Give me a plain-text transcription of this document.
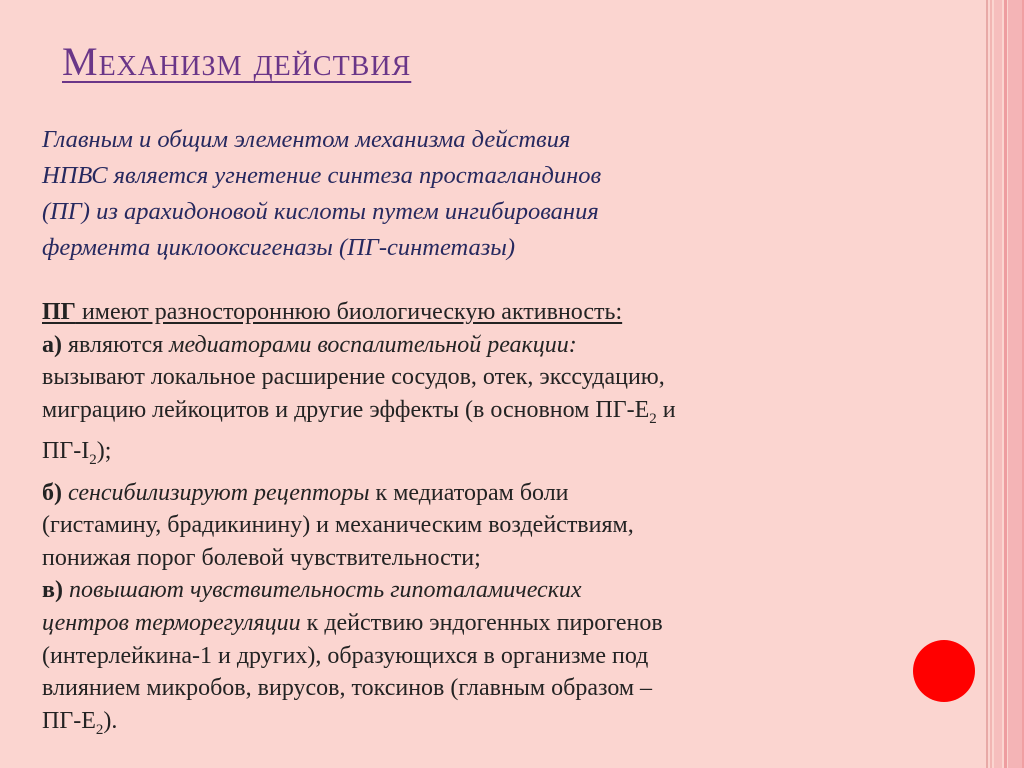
Механизм действия
Главным и общим элементом механизма действия
НПВС является угнетение синтеза простагландинов
(ПГ) из арахидоновой кислоты путем ингибирования
фермента циклооксигеназы (ПГ-синтетазы)
ПГ имеют разностороннюю биологическую активность:
а) являются медиаторами воспалительной реакции:
вызывают локальное расширение сосудов, отек, экссудацию,
миграцию лейкоцитов и другие эффекты (в основном $ПГ-Е_2$ и
$ПГ-I_2$);
б) сенсибилизируют рецепторы к медиаторам боли
(гистамину, брадикинину) и механическим воздействиям,
понижая порог болевой чувствительности;
в) повышают чувствительность гипоталамических
центров терморегуляции к действию эндогенных пирогенов
(интерлейкина-1 и других), образующихся в организме под
влиянием микробов, вирусов, токсинов (главным образом –
$ПГ-Е_2$).
